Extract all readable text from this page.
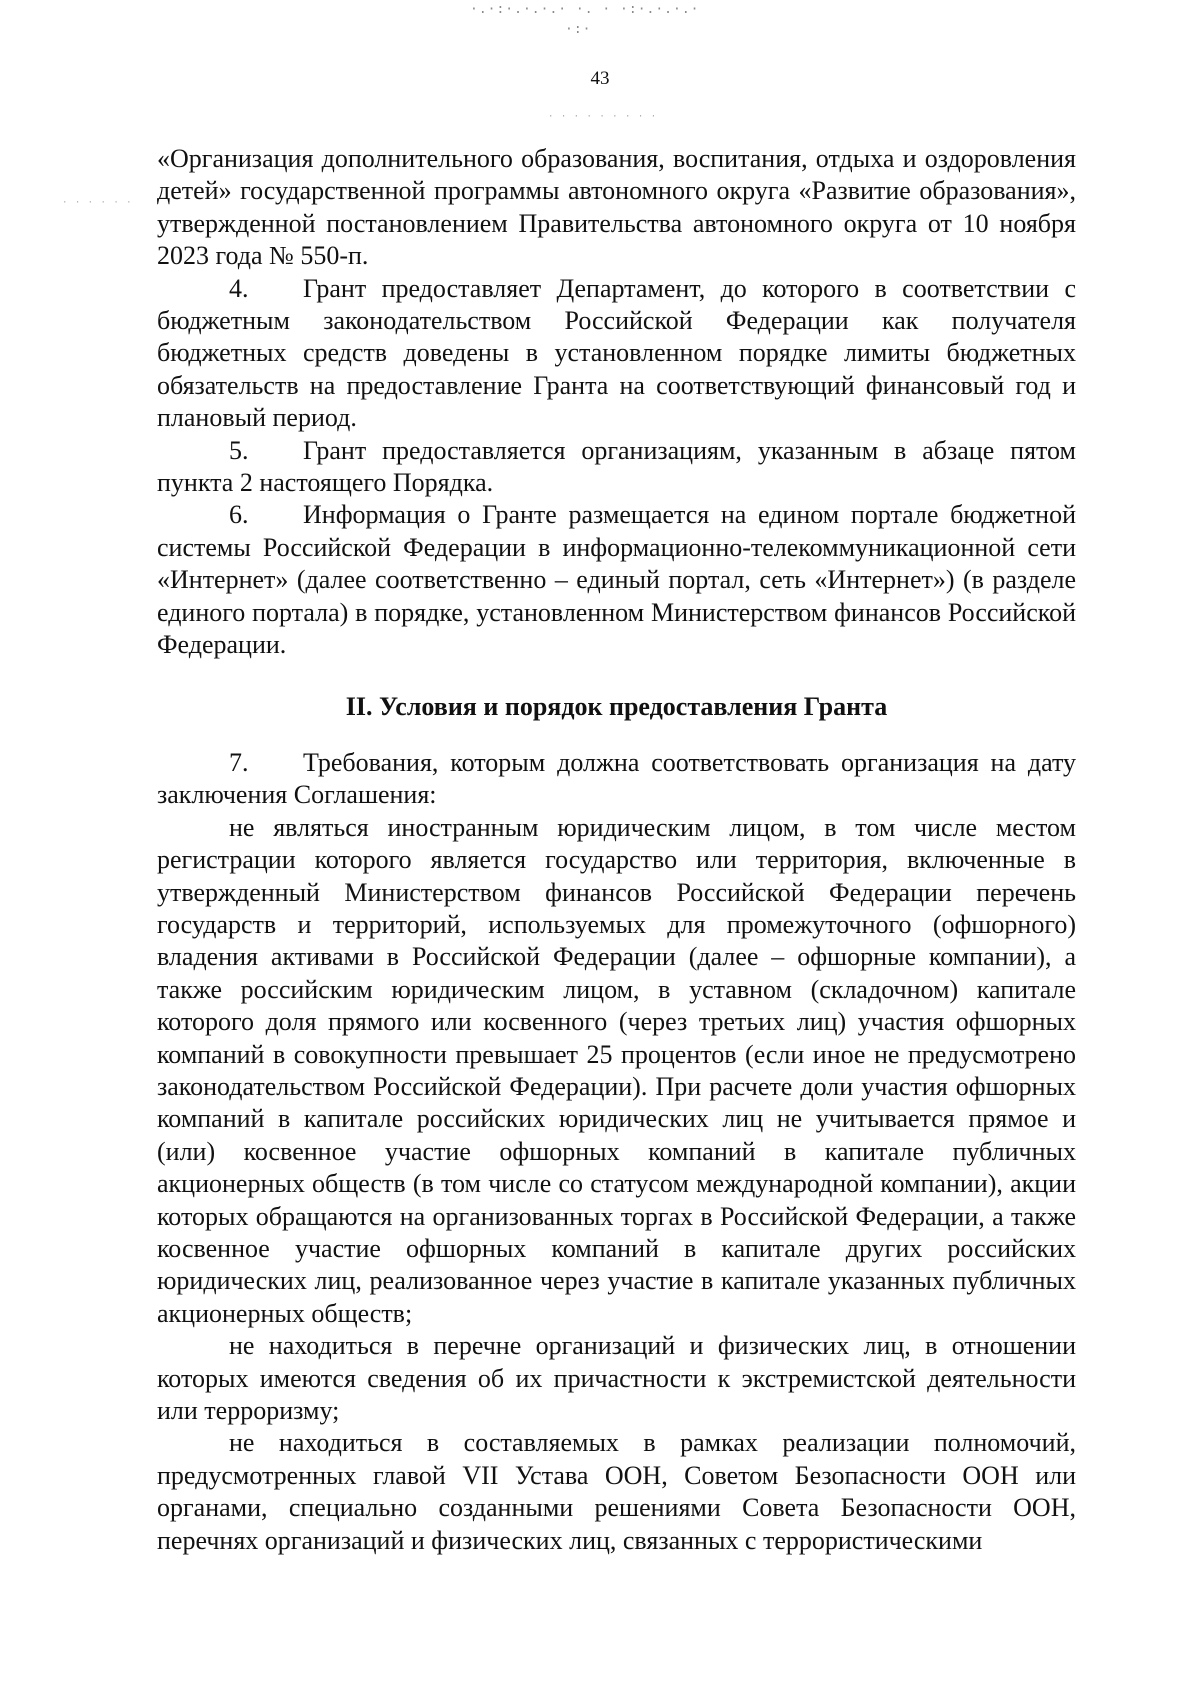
·.·:·.·.·.· ·. · ·:·.·.·.·
·:·
· · · · · · · · ·
· · · · · ·
43

«Организация дополнительного образования, воспитания, отдыха и оздоровления детей» государственной программы автономного округа «Развитие образования», утвержденной постановлением Правительства автономного округа от 10 ноября 2023 года № 550-п.

4. Грант предоставляет Департамент, до которого в соответствии с бюджетным законодательством Российской Федерации как получателя бюджетных средств доведены в установленном порядке лимиты бюджетных обязательств на предоставление Гранта на соответствующий финансовый год и плановый период.

5. Грант предоставляется организациям, указанным в абзаце пятом пункта 2 настоящего Порядка.

6. Информация о Гранте размещается на едином портале бюджетной системы Российской Федерации в информационно-телекоммуникационной сети «Интернет» (далее соответственно – единый портал, сеть «Интернет») (в разделе единого портала) в порядке, установленном Министерством финансов Российской Федерации.

II. Условия и порядок предоставления Гранта

7. Требования, которым должна соответствовать организация на дату заключения Соглашения:

не являться иностранным юридическим лицом, в том числе местом регистрации которого является государство или территория, включенные в утвержденный Министерством финансов Российской Федерации перечень государств и территорий, используемых для промежуточного (офшорного) владения активами в Российской Федерации (далее – офшорные компании), а также российским юридическим лицом, в уставном (складочном) капитале которого доля прямого или косвенного (через третьих лиц) участия офшорных компаний в совокупности превышает 25 процентов (если иное не предусмотрено законодательством Российской Федерации). При расчете доли участия офшорных компаний в капитале российских юридических лиц не учитывается прямое и (или) косвенное участие офшорных компаний в капитале публичных акционерных обществ (в том числе со статусом международной компании), акции которых обращаются на организованных торгах в Российской Федерации, а также косвенное участие офшорных компаний в капитале других российских юридических лиц, реализованное через участие в капитале указанных публичных акционерных обществ;

не находиться в перечне организаций и физических лиц, в отношении которых имеются сведения об их причастности к экстремистской деятельности или терроризму;

не находиться в составляемых в рамках реализации полномочий, предусмотренных главой VII Устава ООН, Советом Безопасности ООН или органами, специально созданными решениями Совета Безопасности ООН, перечнях организаций и физических лиц, связанных с террористическими
